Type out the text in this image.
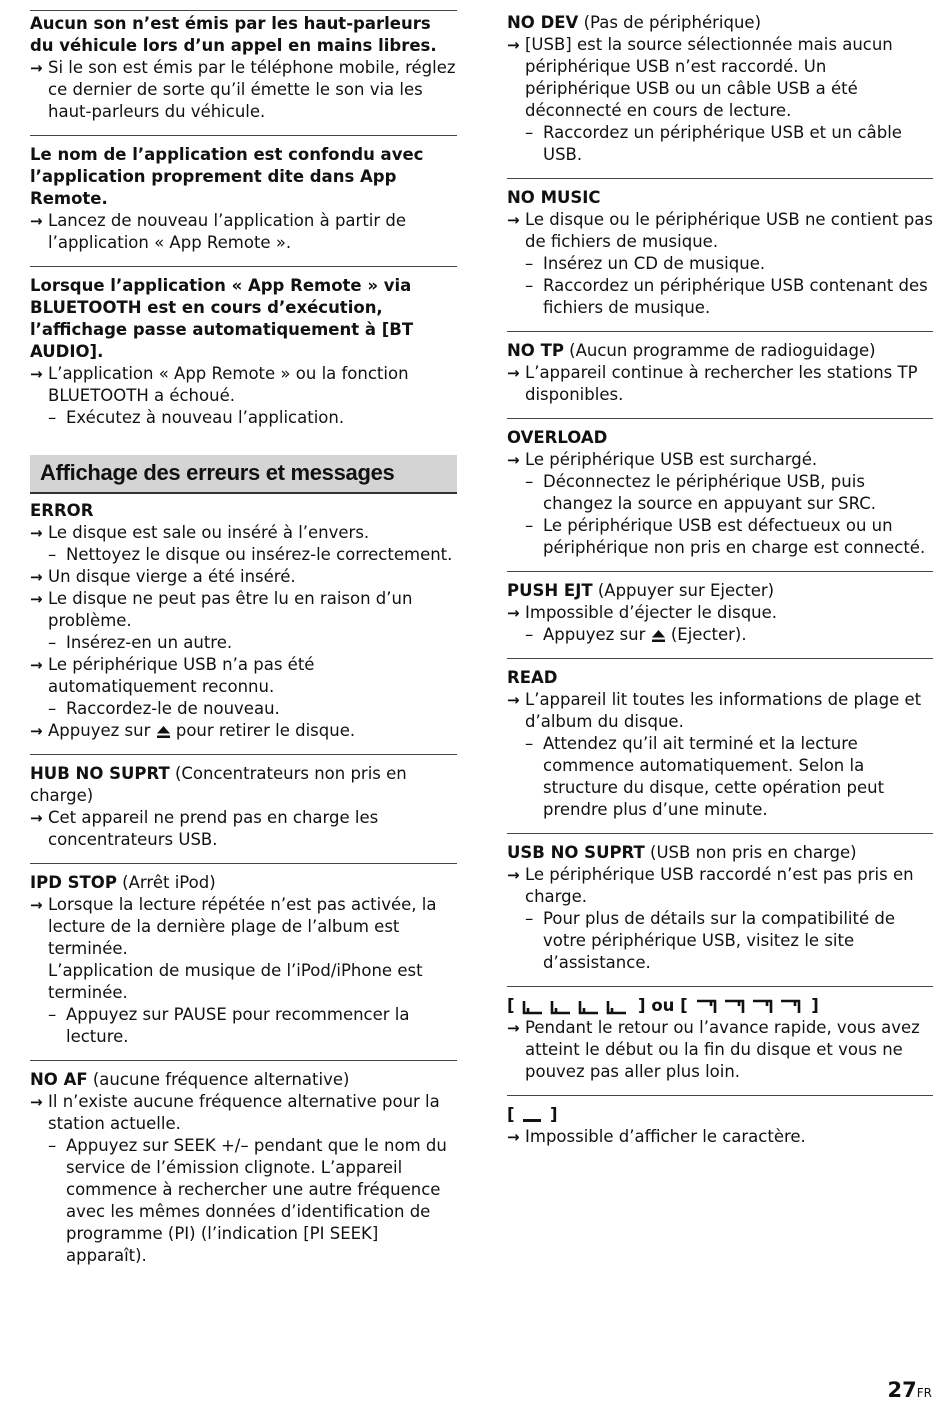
Aucun son n’est émis par les haut-parleurs du véhicule lors d’un appel en mains libres.
→ Si le son est émis par le téléphone mobile, réglez ce dernier de sorte qu’il émette le son via les haut-parleurs du véhicule.
Le nom de l’application est confondu avec l’application proprement dite dans App Remote.
→ Lancez de nouveau l’application à partir de l’application « App Remote ».
Lorsque l’application « App Remote » via BLUETOOTH est en cours d’exécution, l’affichage passe automatiquement à [BT AUDIO].
→ L’application « App Remote » ou la fonction BLUETOOTH a échoué.
– Exécutez à nouveau l’application.
Affichage des erreurs et messages
ERROR
→ Le disque est sale ou inséré à l’envers.
– Nettoyez le disque ou insérez-le correctement.
→ Un disque vierge a été inséré.
→ Le disque ne peut pas être lu en raison d’un problème.
– Insérez-en un autre.
→ Le périphérique USB n’a pas été automatiquement reconnu.
– Raccordez-le de nouveau.
→ Appuyez sur  pour retirer le disque.
HUB NO SUPRT (Concentrateurs non pris en charge)
→ Cet appareil ne prend pas en charge les concentrateurs USB.
IPD STOP (Arrêt iPod)
→ Lorsque la lecture répétée n’est pas activée, la lecture de la dernière plage de l’album est terminée.
L’application de musique de l’iPod/iPhone est terminée.
– Appuyez sur PAUSE pour recommencer la lecture.
NO AF (aucune fréquence alternative)
→ Il n’existe aucune fréquence alternative pour la station actuelle.
– Appuyez sur SEEK +/– pendant que le nom du service de l’émission clignote. L’appareil commence à rechercher une autre fréquence avec les mêmes données d’identification de programme (PI) (l’indication [PI SEEK] apparaît).
NO DEV (Pas de périphérique)
→ [USB] est la source sélectionnée mais aucun périphérique USB n’est raccordé. Un périphérique USB ou un câble USB a été déconnecté en cours de lecture.
– Raccordez un périphérique USB et un câble USB.
NO MUSIC
→ Le disque ou le périphérique USB ne contient pas de fichiers de musique.
– Insérez un CD de musique.
– Raccordez un périphérique USB contenant des fichiers de musique.
NO TP (Aucun programme de radioguidage)
→ L’appareil continue à rechercher les stations TP disponibles.
OVERLOAD
→ Le périphérique USB est surchargé.
– Déconnectez le périphérique USB, puis changez la source en appuyant sur SRC.
– Le périphérique USB est défectueux ou un périphérique non pris en charge est connecté.
PUSH EJT (Appuyer sur Ejecter)
→ Impossible d’éjecter le disque.
– Appuyez sur  (Ejecter).
READ
→ L’appareil lit toutes les informations de plage et d’album du disque.
– Attendez qu’il ait terminé et la lecture commence automatiquement. Selon la structure du disque, cette opération peut prendre plus d’une minute.
USB NO SUPRT (USB non pris en charge)
→ Le périphérique USB raccordé n’est pas pris en charge.
– Pour plus de détails sur la compatibilité de votre périphérique USB, visitez le site d’assistance.
[	] ou [	]
→ Pendant le retour ou l’avance rapide, vous avez atteint le début ou la fin du disque et vous ne pouvez pas aller plus loin.
[ ]
→ Impossible d’afficher le caractère.
27FR
